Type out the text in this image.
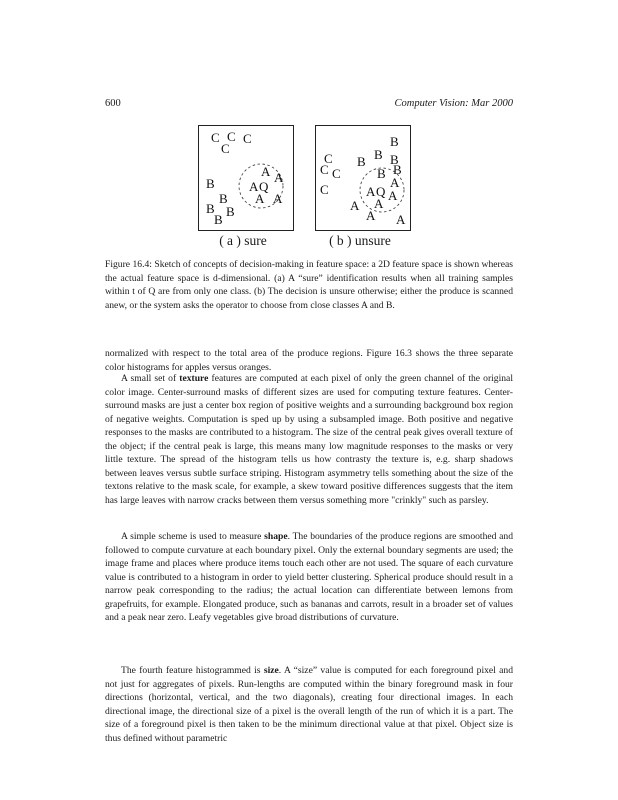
600	Computer Vision: Mar 2000
C C C
C
A A
A Q
A A
B
B
B B
B
B
B B
B
C
C C	B B
C	A
A Q A
A
A
A A
( a ) sure	( b ) unsure
Figure 16.4: Sketch of concepts of decision-making in feature space: a 2D feature space is shown whereas the actual feature space is d-dimensional. (a) A “sure” identification results when all training samples within t of Q are from only one class. (b) The decision is unsure otherwise; either the produce is scanned anew, or the system asks the operator to choose from close classes A and B.
normalized with respect to the total area of the produce regions. Figure 16.3 shows the three separate color histograms for apples versus oranges.
A small set of texture features are computed at each pixel of only the green channel of the original color image. Center-surround masks of different sizes are used for computing texture features. Center-surround masks are just a center box region of positive weights and a surrounding background box region of negative weights. Computation is sped up by using a subsampled image. Both positive and negative responses to the masks are contributed to a histogram. The size of the central peak gives overall texture of the object; if the central peak is large, this means many low magnitude responses to the masks or very little texture. The spread of the histogram tells us how contrasty the texture is, e.g. sharp shadows between leaves versus subtle surface striping. Histogram asymmetry tells something about the size of the textons relative to the mask scale, for example, a skew toward positive differences suggests that the item has large leaves with narrow cracks between them versus something more "crinkly" such as parsley.
A simple scheme is used to measure shape. The boundaries of the produce regions are smoothed and followed to compute curvature at each boundary pixel. Only the external boundary segments are used; the image frame and places where produce items touch each other are not used. The square of each curvature value is contributed to a histogram in order to yield better clustering. Spherical produce should result in a narrow peak corresponding to the radius; the actual location can differentiate between lemons from grapefruits, for example. Elongated produce, such as bananas and carrots, result in a broader set of values and a peak near zero. Leafy vegetables give broad distributions of curvature.
The fourth feature histogrammed is size. A “size” value is computed for each foreground pixel and not just for aggregates of pixels. Run-lengths are computed within the binary foreground mask in four directions (horizontal, vertical, and the two diagonals), creating four directional images. In each directional image, the directional size of a pixel is the overall length of the run of which it is a part. The size of a foreground pixel is then taken to be the minimum directional value at that pixel. Object size is thus defined without parametric
